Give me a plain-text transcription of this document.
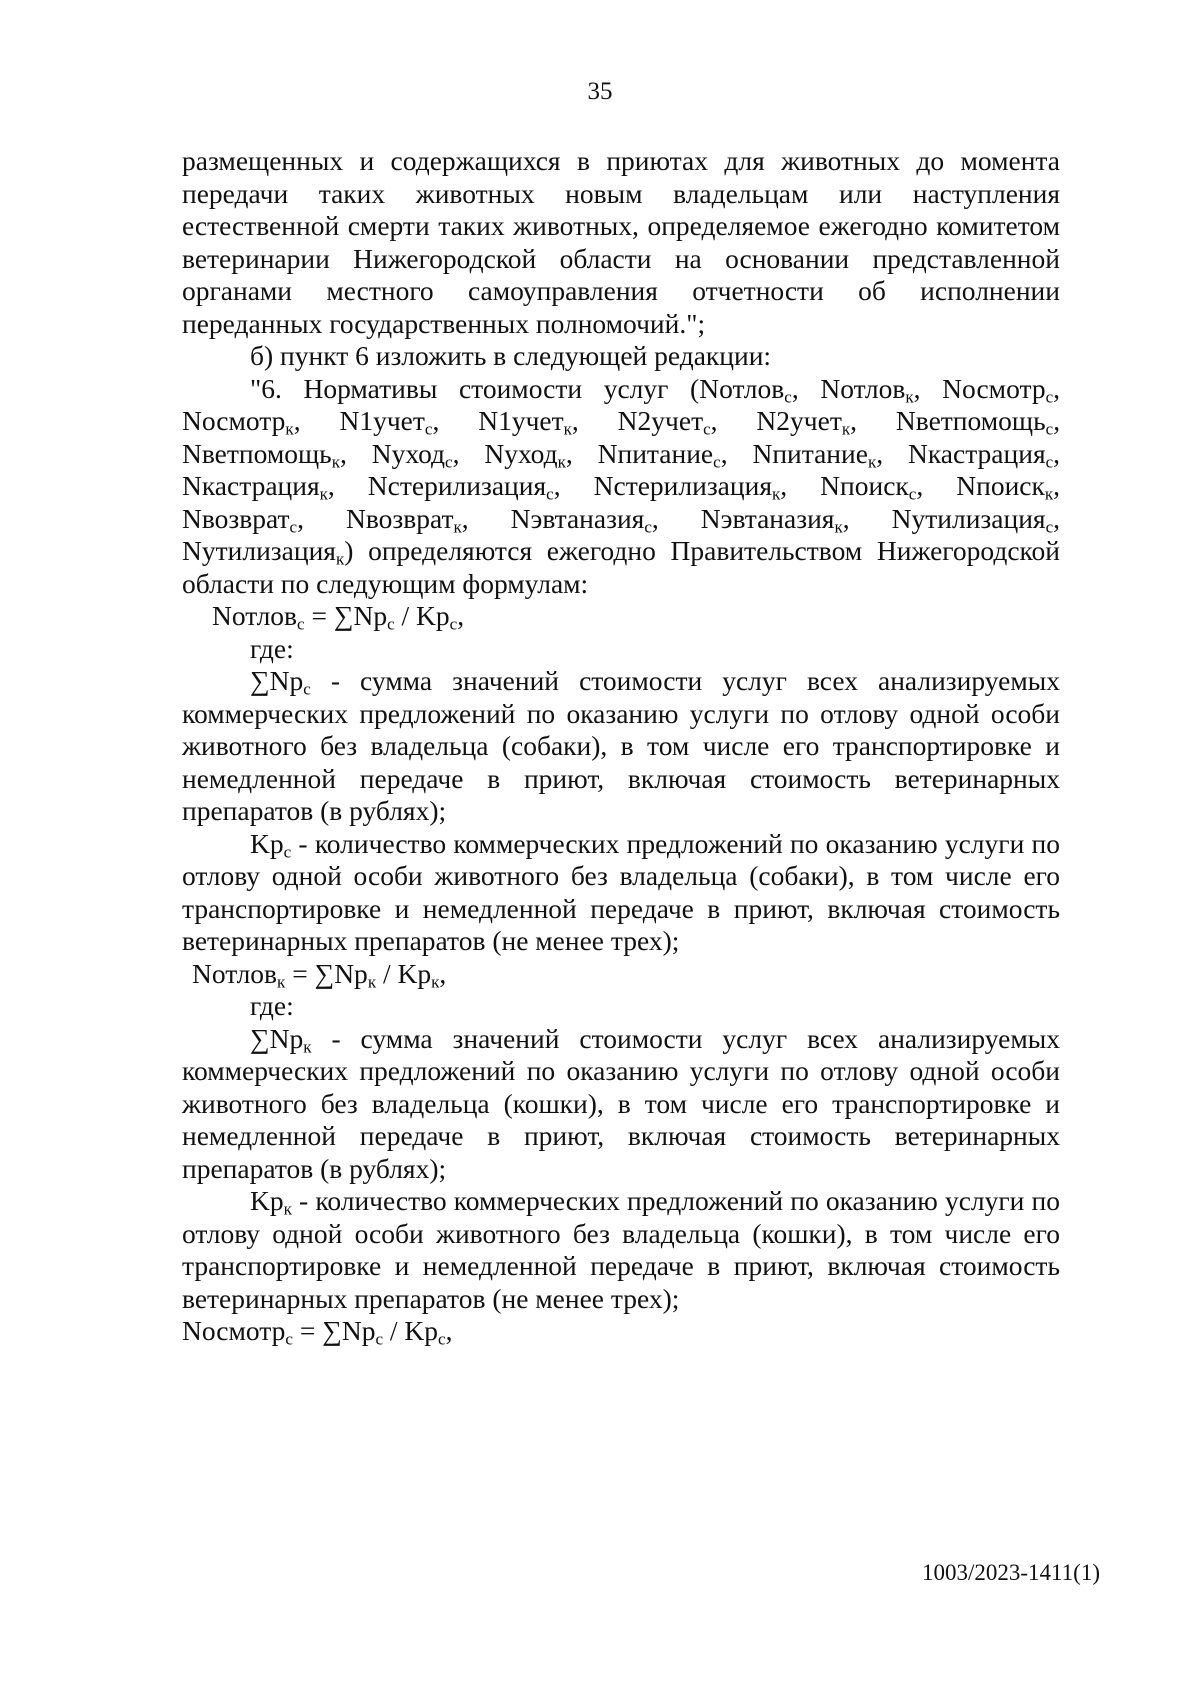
35

размещенных и содержащихся в приютах для животных до момента передачи таких животных новым владельцам или наступления естественной смерти таких животных, определяемое ежегодно комитетом ветеринарии Нижегородской области на основании представленной органами местного самоуправления отчетности об исполнении переданных государственных полномочий.";

б) пункт 6 изложить в следующей редакции:

"6. Нормативы стоимости услуг (Nотлов$_с$, Nотлов$_к$, Nосмотр$_с$, Nосмотр$_к$, N1учет$_с$, N1учет$_к$, N2учет$_с$, N2учет$_к$, Nветпомощь$_с$, Nветпомощь$_к$, Nуход$_с$, Nуход$_к$, Nпитание$_с$, Nпитание$_к$, Nкастрация$_с$, Nкастрация$_к$, Nстерилизация$_с$, Nстерилизация$_к$, Nпоиск$_с$, Nпоиск$_к$, Nвозврат$_с$, Nвозврат$_к$, Nэвтаназия$_с$, Nэвтаназия$_к$, Nутилизация$_с$, Nутилизация$_к$) определяются ежегодно Правительством Нижегородской области по следующим формулам:

Nотлов$_с$ = $\sum Np_с / Kp_с$,

где:

$\sum Np_с$ - сумма значений стоимости услуг всех анализируемых коммерческих предложений по оказанию услуги по отлову одной особи животного без владельца (собаки), в том числе его транспортировке и немедленной передаче в приют, включая стоимость ветеринарных препаратов (в рублях);

$Kp_с$ - количество коммерческих предложений по оказанию услуги по отлову одной особи животного без владельца (собаки), в том числе его транспортировке и немедленной передаче в приют, включая стоимость ветеринарных препаратов (не менее трех);

Nотлов$_к$ = $\sum Np_к / Kp_к$,

где:

$\sum Np_к$ - сумма значений стоимости услуг всех анализируемых коммерческих предложений по оказанию услуги по отлову одной особи животного без владельца (кошки), в том числе его транспортировке и немедленной передаче в приют, включая стоимость ветеринарных препаратов (в рублях);

$Kp_к$ - количество коммерческих предложений по оказанию услуги по отлову одной особи животного без владельца (кошки), в том числе его транспортировке и немедленной передаче в приют, включая стоимость ветеринарных препаратов (не менее трех);

Nосмотр$_с$ = $\sum Np_с / Kp_с$,

1003/2023-1411(1)
